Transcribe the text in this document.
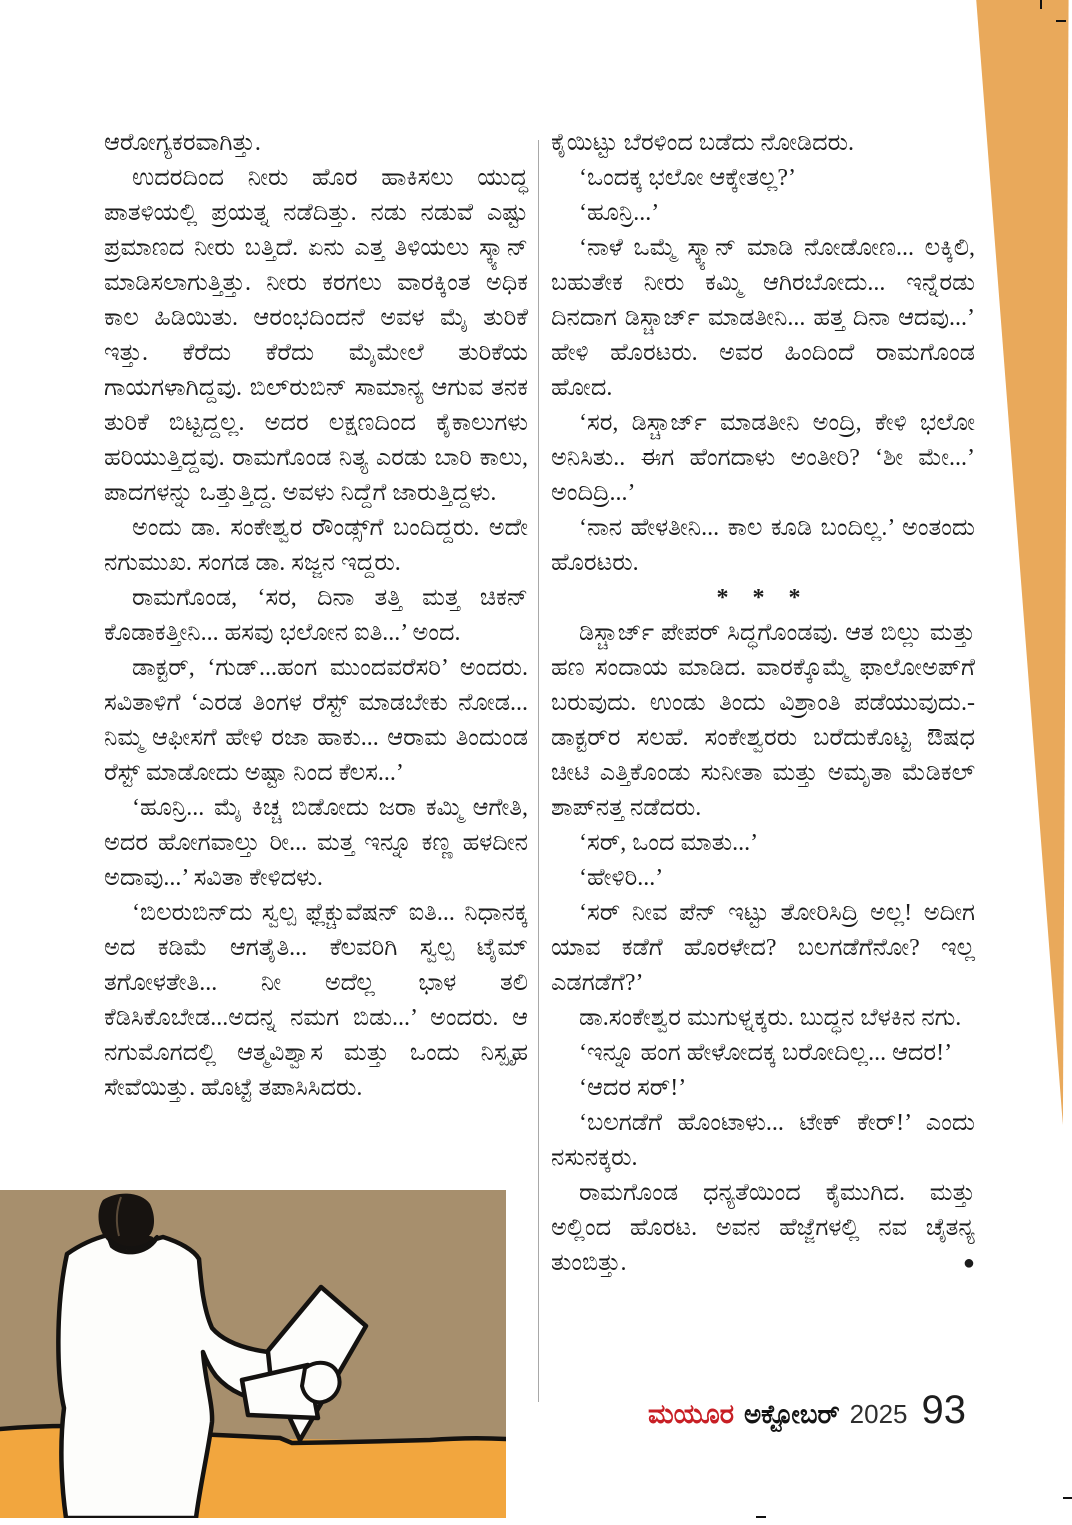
ಆರೋಗ್ಯಕರವಾಗಿತ್ತು.

ಉದರದಿಂದ ನೀರು ಹೊರ ಹಾಕಿಸಲು ಯುದ್ಧ ಪಾತಳಿಯಲ್ಲಿ ಪ್ರಯತ್ನ ನಡೆದಿತ್ತು. ನಡು ನಡುವೆ ಎಷ್ಟು ಪ್ರಮಾಣದ ನೀರು ಬತ್ತಿದೆ. ಏನು ಎತ್ತ ತಿಳಿಯಲು ಸ್ಕ್ಯಾನ್ ಮಾಡಿಸಲಾಗುತ್ತಿತ್ತು. ನೀರು ಕರಗಲು ವಾರಕ್ಕಿಂತ ಅಧಿಕ ಕಾಲ ಹಿಡಿಯಿತು. ಆರಂಭದಿಂದನೆ ಅವಳ ಮೈ ತುರಿಕೆ ಇತ್ತು. ಕೆರೆದು ಕೆರೆದು ಮೈಮೇಲೆ ತುರಿಕೆಯ ಗಾಯಗಳಾಗಿದ್ದವು. ಬಿಲ್‌ರುಬಿನ್ ಸಾಮಾನ್ಯ ಆಗುವ ತನಕ ತುರಿಕೆ ಬಿಟ್ಟದ್ದಲ್ಲ. ಅದರ ಲಕ್ಷಣದಿಂದ ಕೈಕಾಲುಗಳು ಹರಿಯುತ್ತಿದ್ದವು. ರಾಮಗೊಂಡ ನಿತ್ಯ ಎರಡು ಬಾರಿ ಕಾಲು, ಪಾದಗಳನ್ನು ಒತ್ತುತ್ತಿದ್ದ. ಅವಳು ನಿದ್ದೆಗೆ ಜಾರುತ್ತಿದ್ದಳು.

ಅಂದು ಡಾ. ಸಂಕೇಶ್ವರ ರೌಂಡ್ಸ್‌ಗೆ ಬಂದಿದ್ದರು. ಅದೇ ನಗುಮುಖ. ಸಂಗಡ ಡಾ. ಸಜ್ಜನ ಇದ್ದರು.

ರಾಮಗೊಂಡ, ‘ಸರ, ದಿನಾ ತತ್ತಿ ಮತ್ತ ಚಿಕನ್ ಕೊಡಾಕತ್ತೀನಿ... ಹಸವು ಭಲೋನ ಐತಿ...’ ಅಂದ.

ಡಾಕ್ಟರ್, ‘ಗುಡ್...ಹಂಗ ಮುಂದವರೆಸರಿ’ ಅಂದರು. ಸವಿತಾಳಿಗೆ ‘ಎರಡ ತಿಂಗಳ ರೆಸ್ಟ್ ಮಾಡಬೇಕು ನೋಡ... ನಿಮ್ಮ ಆಫೀಸಗೆ ಹೇಳಿ ರಜಾ ಹಾಕು... ಆರಾಮ ತಿಂದುಂಡ ರೆಸ್ಟ್ ಮಾಡೋದು ಅಷ್ಟಾ ನಿಂದ ಕೆಲಸ...’

‘ಹೂನ್ರಿ... ಮೈ ಕಿಚ್ಚ ಬಿಡೋದು ಜರಾ ಕಮ್ಮಿ ಆಗೇತಿ, ಅದರ ಹೋಗವಾಲ್ತು ರೀ... ಮತ್ತ ಇನ್ನೂ ಕಣ್ಣ ಹಳದೀನ ಅದಾವು...’ ಸವಿತಾ ಕೇಳಿದಳು.

‘ಬಿಲರುಬಿನ್‌ದು ಸ್ವಲ್ಪ ಫ್ಲೆಕ್ಚುವೆಷನ್ ಐತಿ... ನಿಧಾನಕ್ಕ ಅದ ಕಡಿಮೆ ಆಗತೈತಿ... ಕೆಲವರಿಗಿ ಸ್ವಲ್ಪ ಟೈಮ್ ತಗೋಳತೇತಿ... ನೀ ಅದೆಲ್ಲ ಭಾಳ ತಲಿ ಕೆಡಿಸಿಕೊಬೇಡ...ಅದನ್ನ ನಮಗ ಬಿಡು...’ ಅಂದರು. ಆ ನಗುಮೊಗದಲ್ಲಿ ಆತ್ಮವಿಶ್ವಾಸ ಮತ್ತು ಒಂದು ನಿಸ್ಪೃಹ ಸೇವೆಯಿತ್ತು. ಹೊಟ್ಟೆ ತಪಾಸಿಸಿದರು.

ಕೈಯಿಟ್ಟು ಬೆರಳಿಂದ ಬಡೆದು ನೋಡಿದರು.

‘ಒಂದಕ್ಕ ಭಲೋ ಆಕ್ಕೇತಲ್ಲ?’

‘ಹೂನ್ರಿ...’

‘ನಾಳೆ ಒಮ್ಮೆ ಸ್ಕ್ಯಾನ್ ಮಾಡಿ ನೋಡೋಣ... ಲಕ್ಕಿಲಿ, ಬಹುತೇಕ ನೀರು ಕಮ್ಮಿ ಆಗಿರಬೋದು... ಇನ್ನೆರಡು ದಿನದಾಗ ಡಿಸ್ಚಾರ್ಜ್ ಮಾಡತೀನಿ... ಹತ್ತ ದಿನಾ ಆದವು...’ ಹೇಳಿ ಹೊರಟರು. ಅವರ ಹಿಂದಿಂದೆ ರಾಮಗೊಂಡ ಹೋದ.

‘ಸರ, ಡಿಸ್ಚಾರ್ಜ್ ಮಾಡತೀನಿ ಅಂದ್ರಿ, ಕೇಳಿ ಭಲೋ ಅನಿಸಿತು.. ಈಗ ಹೆಂಗದಾಳು ಅಂತೀರಿ? ‘ಶೀ ಮೇ...’ ಅಂದಿದ್ರಿ...’

‘ನಾನ ಹೇಳತೀನಿ... ಕಾಲ ಕೂಡಿ ಬಂದಿಲ್ಲ.’ ಅಂತಂದು ಹೊರಟರು.

* * *

ಡಿಸ್ಚಾರ್ಜ್ ಪೇಪರ್ ಸಿದ್ಧಗೊಂಡವು. ಆತ ಬಿಲ್ಲು ಮತ್ತು ಹಣ ಸಂದಾಯ ಮಾಡಿದ. ವಾರಕ್ಕೊಮ್ಮೆ ಫಾಲೋಅಪ್‌ಗೆ ಬರುವುದು. ಉಂಡು ತಿಂದು ವಿಶ್ರಾಂತಿ ಪಡೆಯುವುದು.- ಡಾಕ್ಟರ್‌ರ ಸಲಹೆ. ಸಂಕೇಶ್ವರರು ಬರೆದುಕೊಟ್ಟ ಔಷಧ ಚೀಟಿ ಎತ್ತಿಕೊಂಡು ಸುನೀತಾ ಮತ್ತು ಅಮೃತಾ ಮೆಡಿಕಲ್ ಶಾಪ್‌ನತ್ತ ನಡೆದರು.

‘ಸರ್, ಒಂದ ಮಾತು...’

‘ಹೇಳಿರಿ...’

‘ಸರ್ ನೀವ ಪೆನ್ ಇಟ್ಟು ತೋರಿಸಿದ್ರಿ ಅಲ್ಲ! ಅದೀಗ ಯಾವ ಕಡೆಗೆ ಹೊರಳೇದ? ಬಲಗಡೆಗೆನೋ? ಇಲ್ಲ ಎಡಗಡೆಗೆ?’

ಡಾ.ಸಂಕೇಶ್ವರ ಮುಗುಳ್ನಕ್ಕರು. ಬುದ್ಧನ ಬೆಳಕಿನ ನಗು.

‘ಇನ್ನೂ ಹಂಗ ಹೇಳೋದಕ್ಕ ಬರೋದಿಲ್ಲ... ಆದರ!’

‘ಆದರ ಸರ್!’

‘ಬಲಗಡೆಗೆ ಹೊಂಟಾಳು... ಟೇಕ್ ಕೇರ್!’ ಎಂದು ನಸುನಕ್ಕರು.

ರಾಮಗೊಂಡ ಧನ್ಯತೆಯಿಂದ ಕೈಮುಗಿದ. ಮತ್ತು ಅಲ್ಲಿಂದ ಹೊರಟ. ಅವನ ಹೆಜ್ಜೆಗಳಲ್ಲಿ ನವ ಚೈತನ್ಯ ತುಂಬಿತ್ತು.	●

ಮಯೂರ ಅಕ್ಟೋಬರ್ 2025 93
